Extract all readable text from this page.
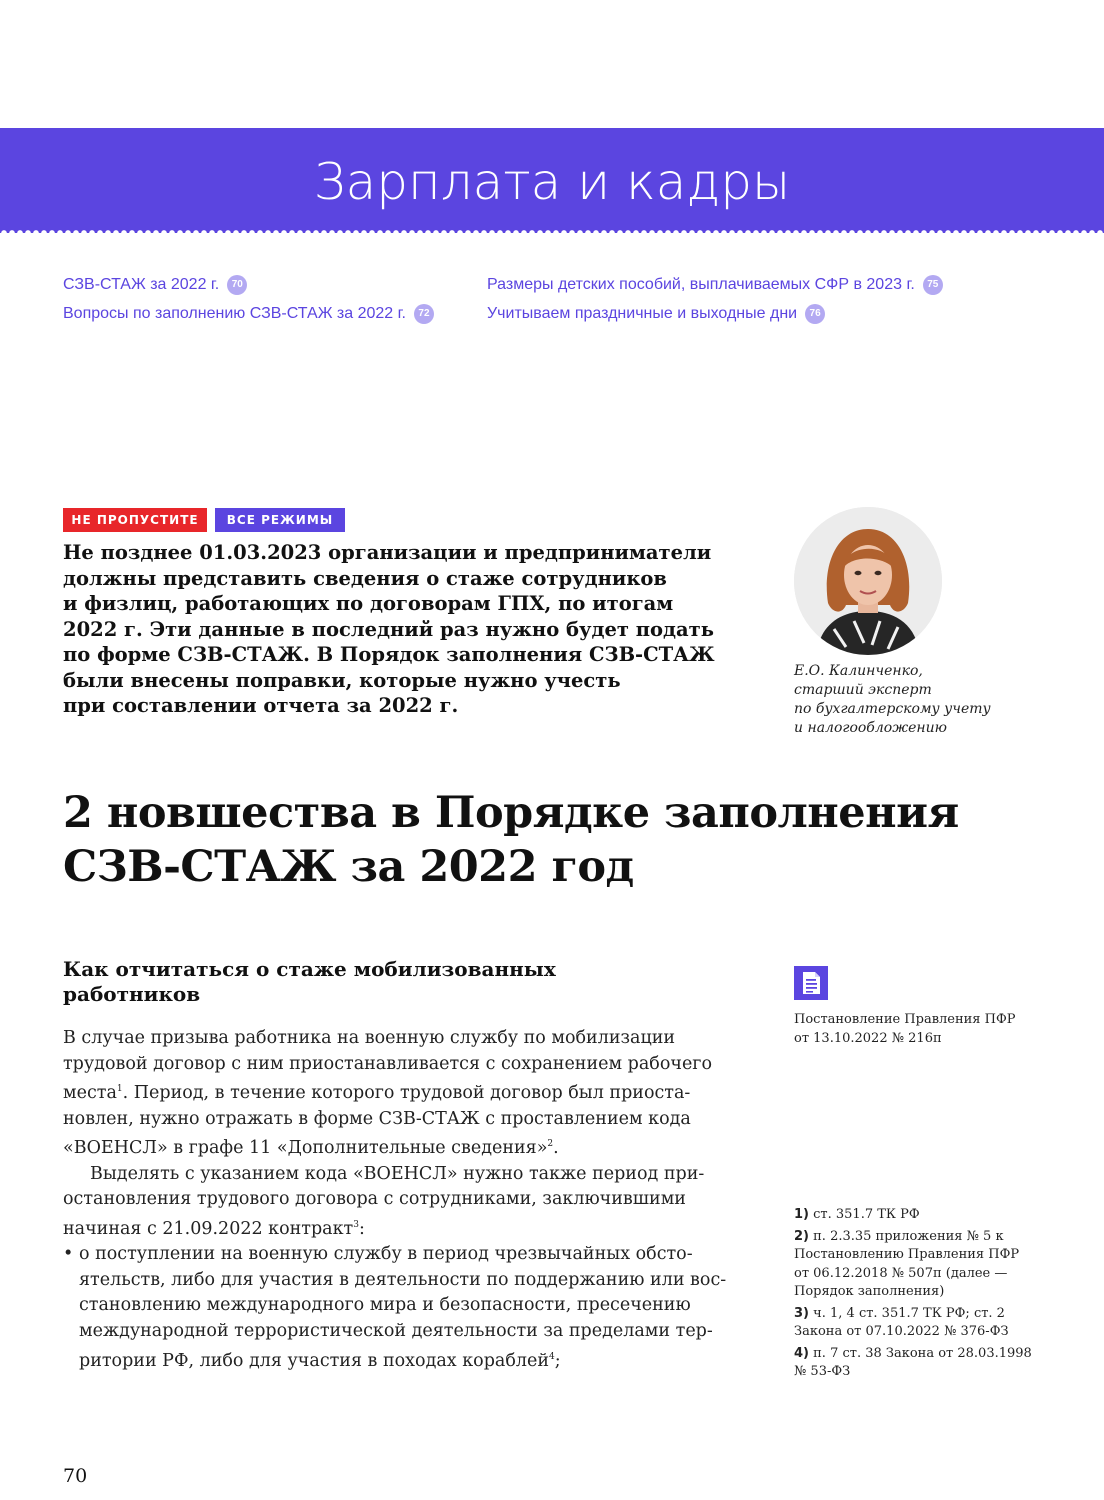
Зарплата и кадры
СЗВ-СТАЖ за 2022 г.	70
Вопросы по заполнению СЗВ-СТАЖ за 2022 г.	72
Размеры детских пособий, выплачиваемых СФР в 2023 г.	75
Учитываем праздничные и выходные дни	76
НЕ ПРОПУСТИТЕ	ВСЕ РЕЖИМЫ
Не позднее 01.03.2023 организации и предприниматели
должны представить сведения о стаже сотрудников
и физлиц, работающих по договорам ГПХ, по итогам
2022 г. Эти данные в последний раз нужно будет подать
по форме СЗВ-СТАЖ. В Порядок заполнения СЗВ-СТАЖ
были внесены поправки, которые нужно учесть
при составлении отчета за 2022 г.
Е.О. Калинченко,
старший эксперт
по бухгалтерскому учету
и налогообложению
2 новшества в Порядке заполнения
СЗВ-СТАЖ за 2022 год
Как отчитаться о стаже мобилизованных работников

В случае призыва работника на военную службу по мобилизации трудовой договор с ним приостанавливается с сохранением рабочего места$^1$. Период, в течение которого трудовой договор был приостановлен, нужно отражать в форме СЗВ-СТАЖ с проставлением кода «ВОЕНСЛ» в графе 11 «Дополнительные сведения»$^2$.

Выделять с указанием кода «ВОЕНСЛ» нужно также период приостановления трудового договора с сотрудниками, заключившими начиная с 21.09.2022 контракт$^3$:

• о поступлении на военную службу в период чрезвычайных обстоятельств, либо для участия в деятельности по поддержанию или восстановлению международного мира и безопасности, пресечению международной террористической деятельности за пределами территории РФ, либо для участия в походах кораблей$^4$;

Постановление Правления ПФР от 13.10.2022 № 216п
1) ст. 351.7 ТК РФ
2) п. 2.3.35 приложения № 5 к Постановлению Правления ПФР от 06.12.2018 № 507п (далее — Порядок заполнения)
3) ч. 1, 4 ст. 351.7 ТК РФ; ст. 2 Закона от 07.10.2022 № 376-ФЗ
4) п. 7 ст. 38 Закона от 28.03.1998 № 53-ФЗ
70
